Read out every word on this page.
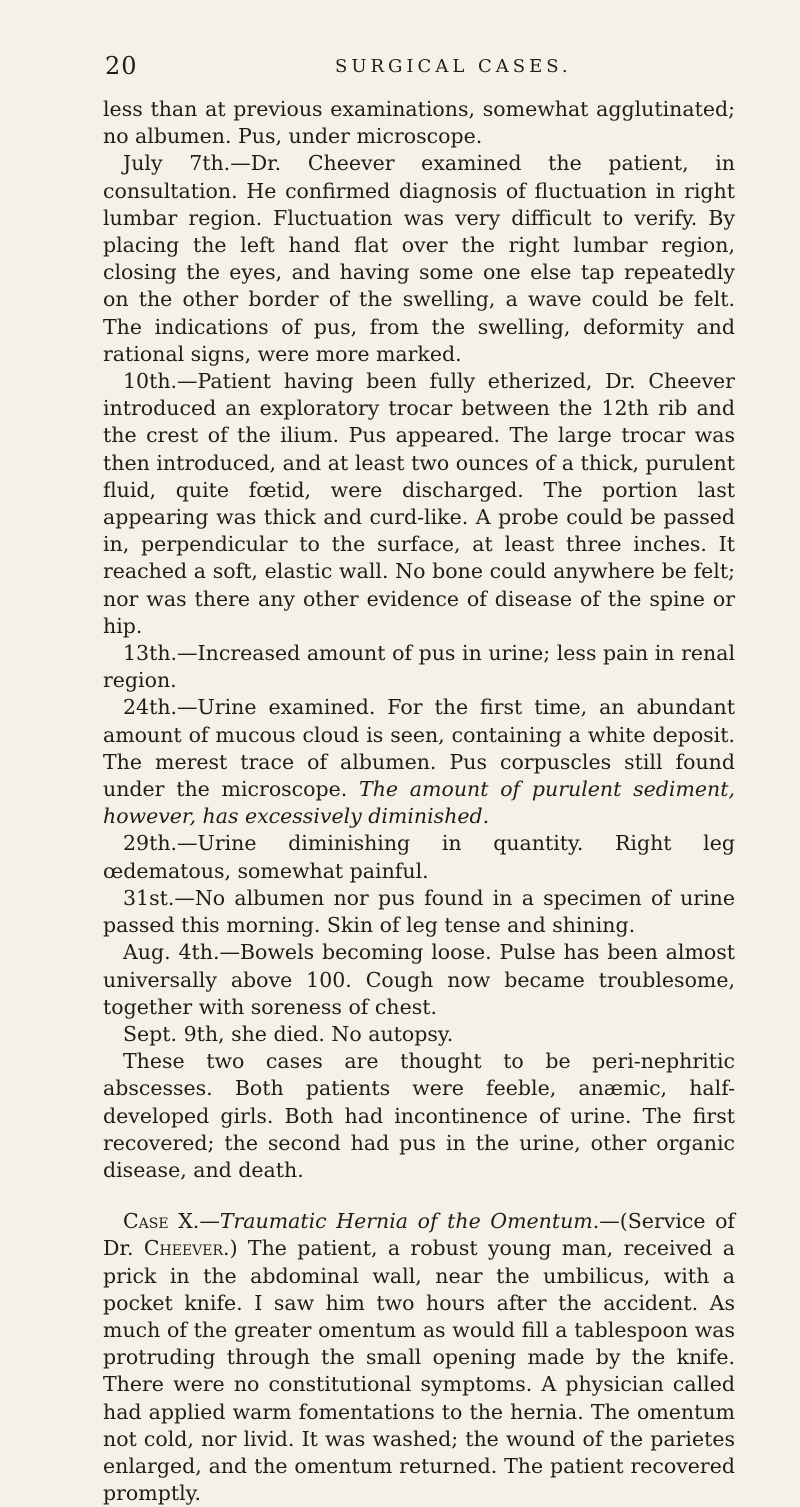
20	SURGICAL CASES.

less than at previous examinations, somewhat agglutinated; no albumen. Pus, under microscope.

July 7th.—Dr. Cheever examined the patient, in consultation. He confirmed diagnosis of fluctuation in right lumbar region. Fluctuation was very difficult to verify. By placing the left hand flat over the right lumbar region, closing the eyes, and having some one else tap repeatedly on the other border of the swelling, a wave could be felt. The indications of pus, from the swelling, deformity and rational signs, were more marked.

10th.—Patient having been fully etherized, Dr. Cheever introduced an exploratory trocar between the 12th rib and the crest of the ilium. Pus appeared. The large trocar was then introduced, and at least two ounces of a thick, purulent fluid, quite fœtid, were discharged. The portion last appearing was thick and curd-like. A probe could be passed in, perpendicular to the surface, at least three inches. It reached a soft, elastic wall. No bone could anywhere be felt; nor was there any other evidence of disease of the spine or hip.

13th.—Increased amount of pus in urine; less pain in renal region.

24th.—Urine examined. For the first time, an abundant amount of mucous cloud is seen, containing a white deposit. The merest trace of albumen. Pus corpuscles still found under the microscope. The amount of purulent sediment, however, has excessively diminished.

29th.—Urine diminishing in quantity. Right leg œdematous, somewhat painful.

31st.—No albumen nor pus found in a specimen of urine passed this morning. Skin of leg tense and shining.

Aug. 4th.—Bowels becoming loose. Pulse has been almost universally above 100. Cough now became troublesome, together with soreness of chest.

Sept. 9th, she died. No autopsy.

These two cases are thought to be peri-nephritic abscesses. Both patients were feeble, anæmic, half-developed girls. Both had incontinence of urine. The first recovered; the second had pus in the urine, other organic disease, and death.

Case X.—Traumatic Hernia of the Omentum.—(Service of Dr. Cheever.) The patient, a robust young man, received a prick in the abdominal wall, near the umbilicus, with a pocket knife. I saw him two hours after the accident. As much of the greater omentum as would fill a tablespoon was protruding through the small opening made by the knife. There were no constitutional symptoms. A physician called had applied warm fomentations to the hernia. The omentum not cold, nor livid. It was washed; the wound of the parietes enlarged, and the omentum returned. The patient recovered promptly.
